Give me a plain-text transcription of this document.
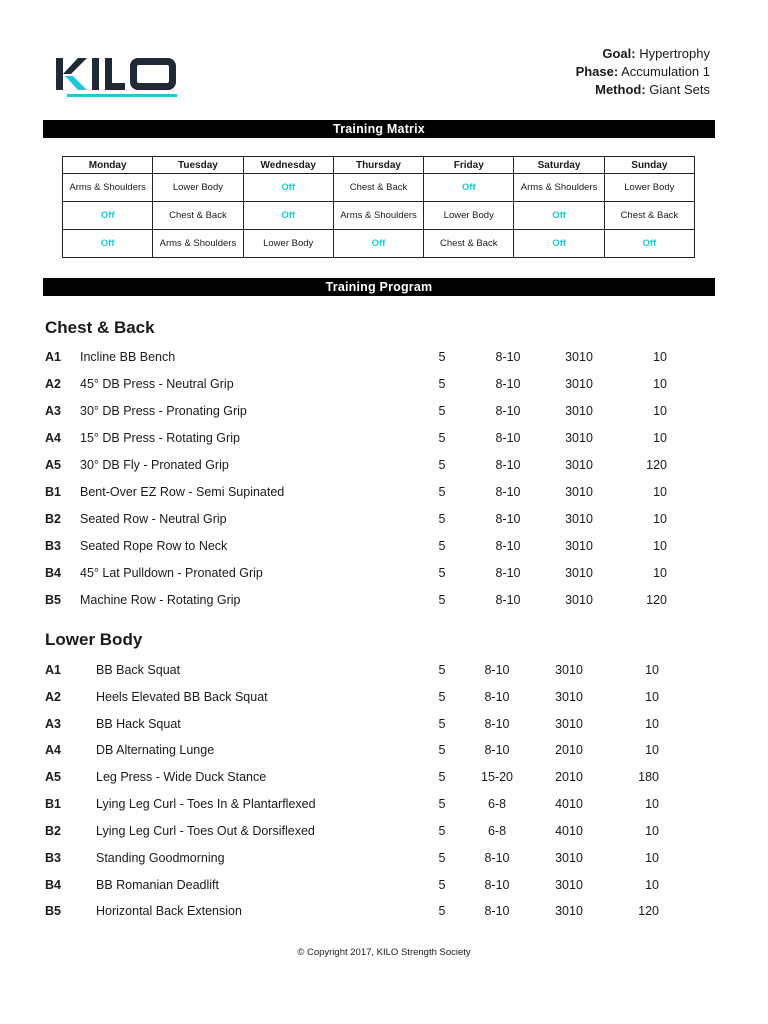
Goal: Hypertrophy
Phase: Accumulation 1
Method: Giant Sets
Training Matrix
Monday	Tuesday	Wednesday	Thursday	Friday	Saturday	Sunday
Arms & Shoulders	Lower Body	Off	Chest & Back	Off	Arms & Shoulders	Lower Body
Off	Chest & Back	Off	Arms & Shoulders	Lower Body	Off	Chest & Back
Off	Arms & Shoulders	Lower Body	Off	Chest & Back	Off	Off
Training Program
Chest & Back
A1 Incline BB Bench	5	8-10	3010	10
A2 45° DB Press - Neutral Grip	5	8-10	3010	10
A3 30° DB Press - Pronating Grip	5	8-10	3010	10
A4 15° DB Press - Rotating Grip	5	8-10	3010	10
A5 30° DB Fly - Pronated Grip	5	8-10	3010	120
B1 Bent-Over EZ Row - Semi Supinated	5	8-10	3010	10
B2 Seated Row - Neutral Grip	5	8-10	3010	10
B3 Seated Rope Row to Neck	5	8-10	3010	10
B4 45° Lat Pulldown - Pronated Grip	5	8-10	3010	10
B5 Machine Row - Rotating Grip	5	8-10	3010	120
Lower Body
A1	BB Back Squat	5	8-10	3010	10
A2	Heels Elevated BB Back Squat	5	8-10	3010	10
A3	BB Hack Squat	5	8-10	3010	10
A4	DB Alternating Lunge	5	8-10	2010	10
A5	Leg Press - Wide Duck Stance	5	15-20	2010	180
B1	Lying Leg Curl - Toes In & Plantarflexed	5	6-8	4010	10
B2	Lying Leg Curl - Toes Out & Dorsiflexed	5	6-8	4010	10
B3	Standing Goodmorning	5	8-10	3010	10
B4	BB Romanian Deadlift	5	8-10	3010	10
B5	Horizontal Back Extension	5	8-10	3010	120
© Copyright 2017, KILO Strength Society
